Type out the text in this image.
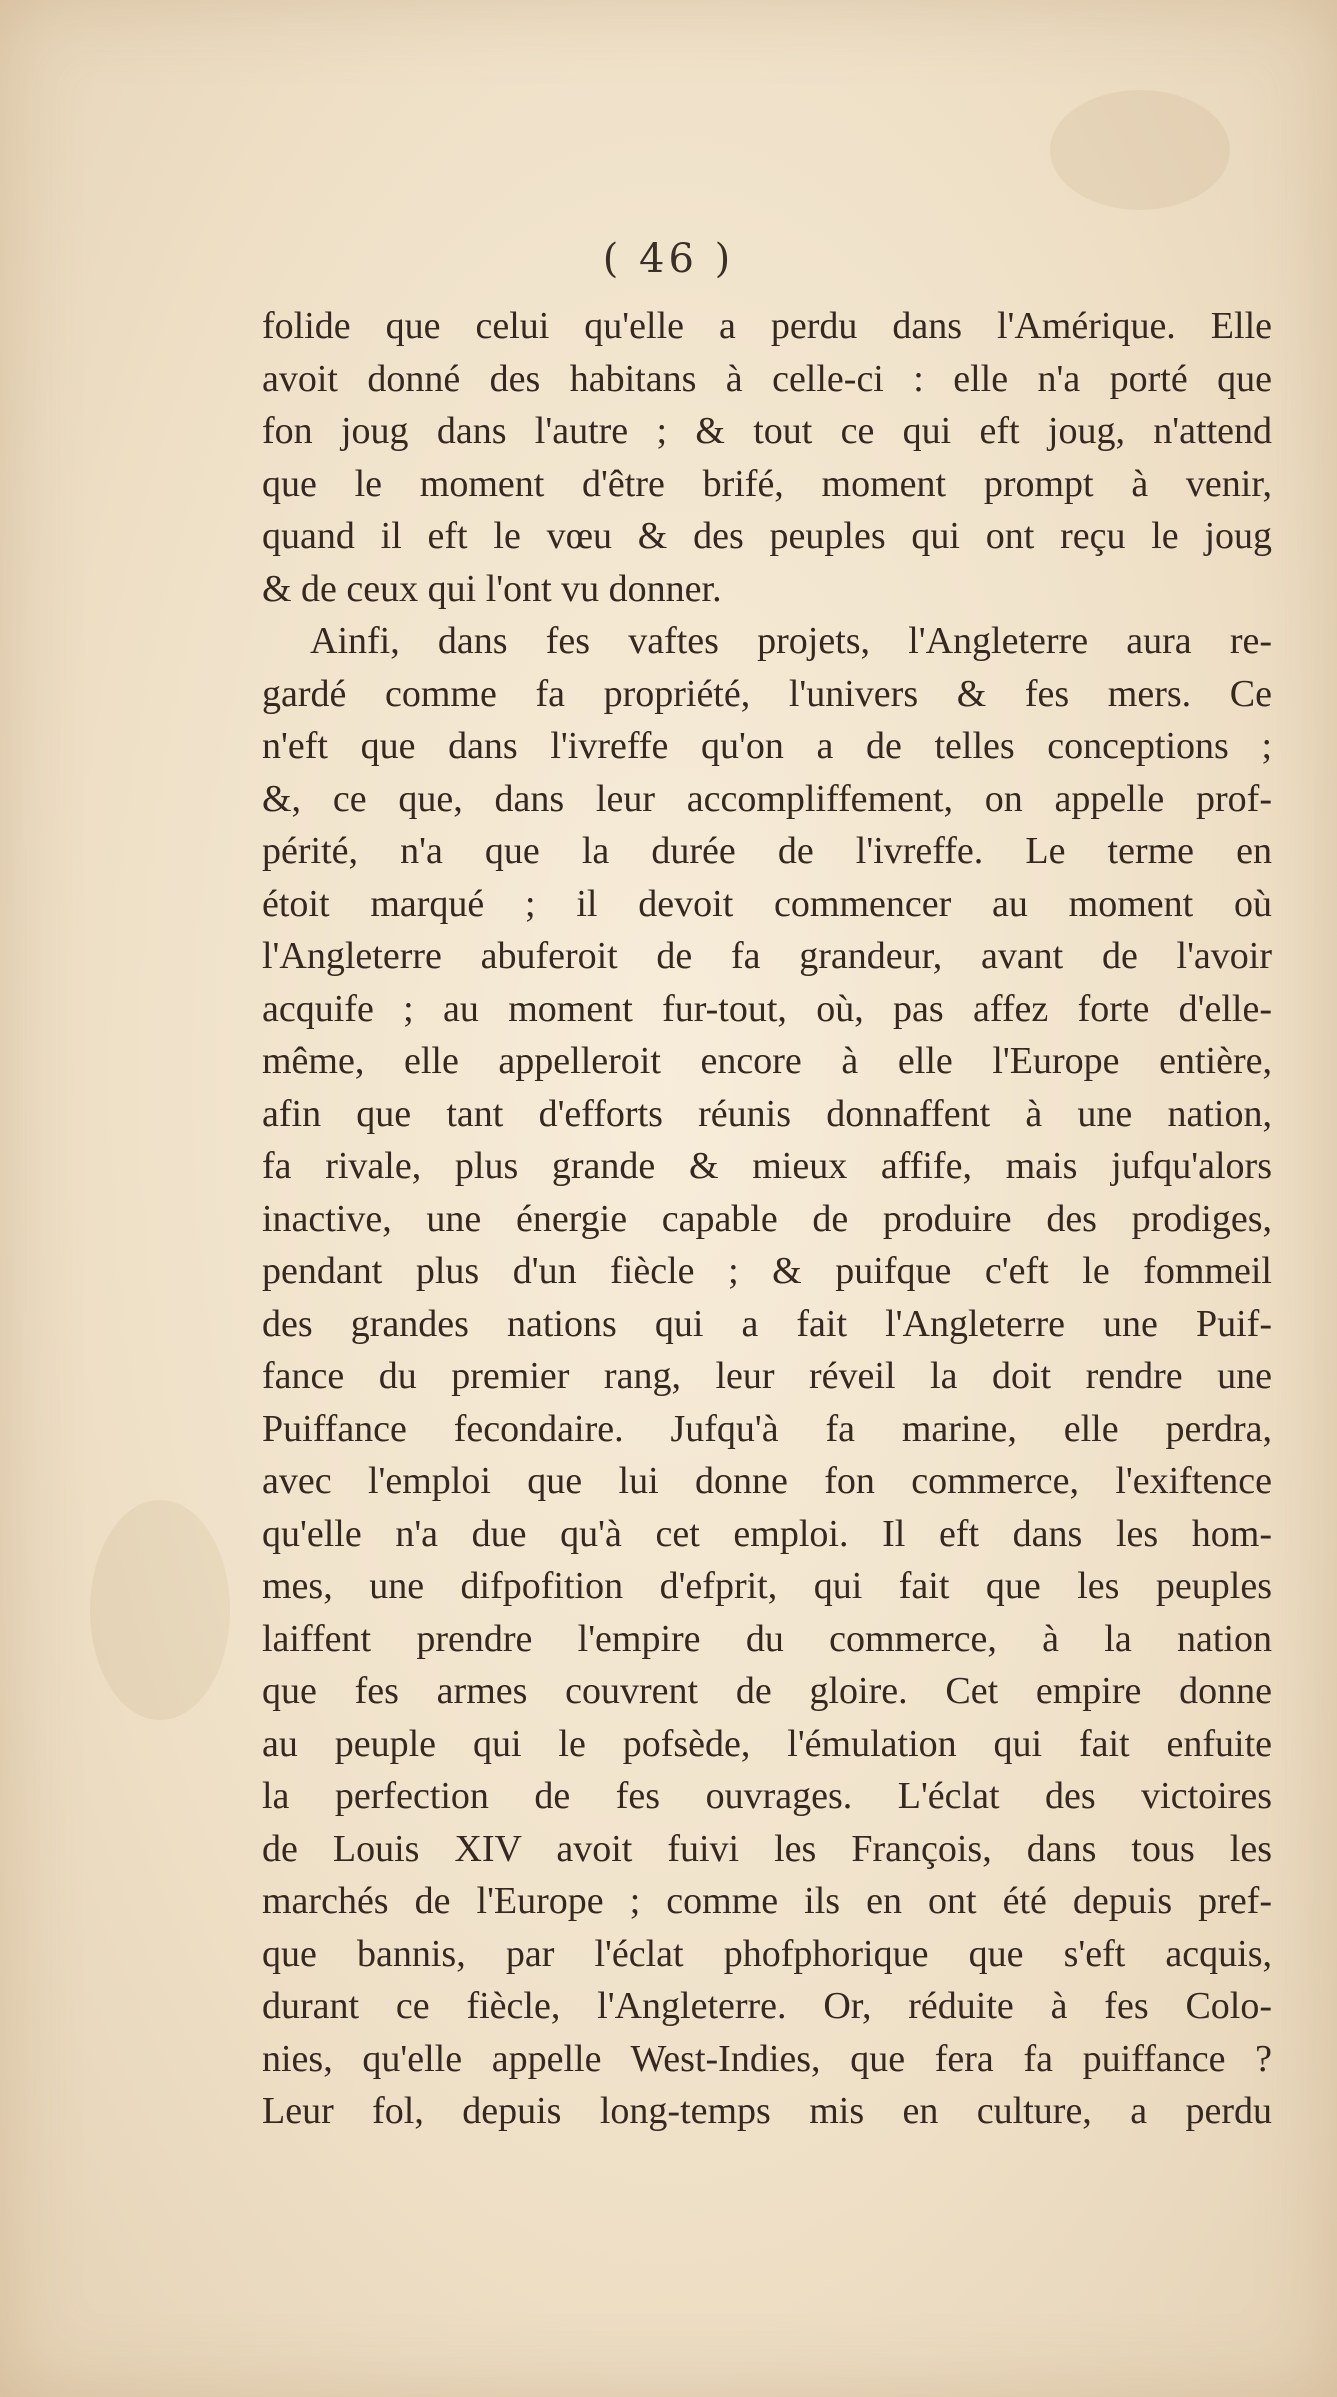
( 46 )
folide que celui qu'elle a perdu dans l'Amérique. Elle
avoit donné des habitans à celle-ci : elle n'a porté que
fon joug dans l'autre ; & tout ce qui eft joug, n'attend
que le moment d'être brifé, moment prompt à venir,
quand il eft le vœu & des peuples qui ont reçu le joug
& de ceux qui l'ont vu donner.
Ainfi, dans fes vaftes projets, l'Angleterre aura re-
gardé comme fa propriété, l'univers & fes mers. Ce
n'eft que dans l'ivreffe qu'on a de telles conceptions ;
&, ce que, dans leur accompliffement, on appelle prof-
périté, n'a que la durée de l'ivreffe. Le terme en
étoit marqué ; il devoit commencer au moment où
l'Angleterre abuferoit de fa grandeur, avant de l'avoir
acquife ; au moment fur-tout, où, pas affez forte d'elle-
même, elle appelleroit encore à elle l'Europe entière,
afin que tant d'efforts réunis donnaffent à une nation,
fa rivale, plus grande & mieux affife, mais jufqu'alors
inactive, une énergie capable de produire des prodiges,
pendant plus d'un fiècle ; & puifque c'eft le fommeil
des grandes nations qui a fait l'Angleterre une Puif-
fance du premier rang, leur réveil la doit rendre une
Puiffance fecondaire. Jufqu'à fa marine, elle perdra,
avec l'emploi que lui donne fon commerce, l'exiftence
qu'elle n'a due qu'à cet emploi. Il eft dans les hom-
mes, une difpofition d'efprit, qui fait que les peuples
laiffent prendre l'empire du commerce, à la nation
que fes armes couvrent de gloire. Cet empire donne
au peuple qui le pofsède, l'émulation qui fait enfuite
la perfection de fes ouvrages. L'éclat des victoires
de Louis XIV avoit fuivi les François, dans tous les
marchés de l'Europe ; comme ils en ont été depuis pref-
que bannis, par l'éclat phofphorique que s'eft acquis,
durant ce fiècle, l'Angleterre. Or, réduite à fes Colo-
nies, qu'elle appelle West-Indies, que fera fa puiffance ?
Leur fol, depuis long-temps mis en culture, a perdu
